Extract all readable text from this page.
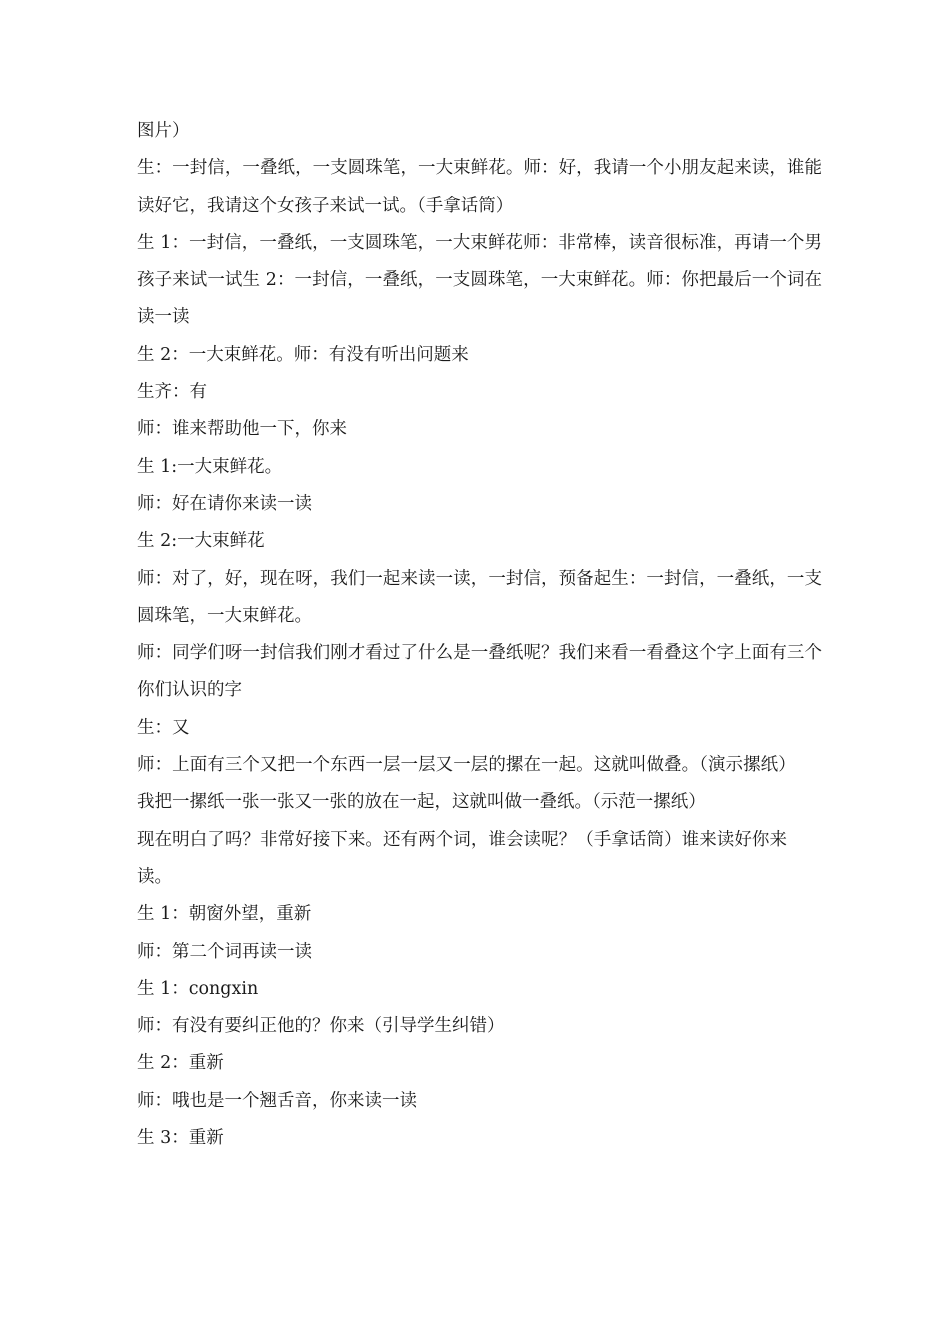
图片）

生：一封信，一叠纸，一支圆珠笔，一大束鲜花。师：好，我请一个小朋友起来读，谁能读好它，我请这个女孩子来试一试。（手拿话筒）

生 1：一封信，一叠纸，一支圆珠笔，一大束鲜花师：非常棒，读音很标准，再请一个男孩子来试一试生 2：一封信，一叠纸，一支圆珠笔，一大束鲜花。师：你把最后一个词在读一读

生 2：一大束鲜花。师：有没有听出问题来

生齐：有

师：谁来帮助他一下，你来

生 1:一大束鲜花。

师：好在请你来读一读

生 2:一大束鲜花

师：对了，好，现在呀，我们一起来读一读，一封信，预备起生：一封信，一叠纸，一支圆珠笔，一大束鲜花。

师：同学们呀一封信我们刚才看过了什么是一叠纸呢？我们来看一看叠这个字上面有三个你们认识的字

生：又

师：上面有三个又把一个东西一层一层又一层的摞在一起。这就叫做叠。（演示摞纸）我把一摞纸一张一张又一张的放在一起，这就叫做一叠纸。（示范一摞纸）

现在明白了吗？非常好接下来。还有两个词，谁会读呢？（手拿话筒）谁来读好你来读。

生 1：朝窗外望，重新

师：第二个词再读一读

生 1：congxin

师：有没有要纠正他的？你来（引导学生纠错）

生 2：重新

师：哦也是一个翘舌音，你来读一读

生 3：重新
